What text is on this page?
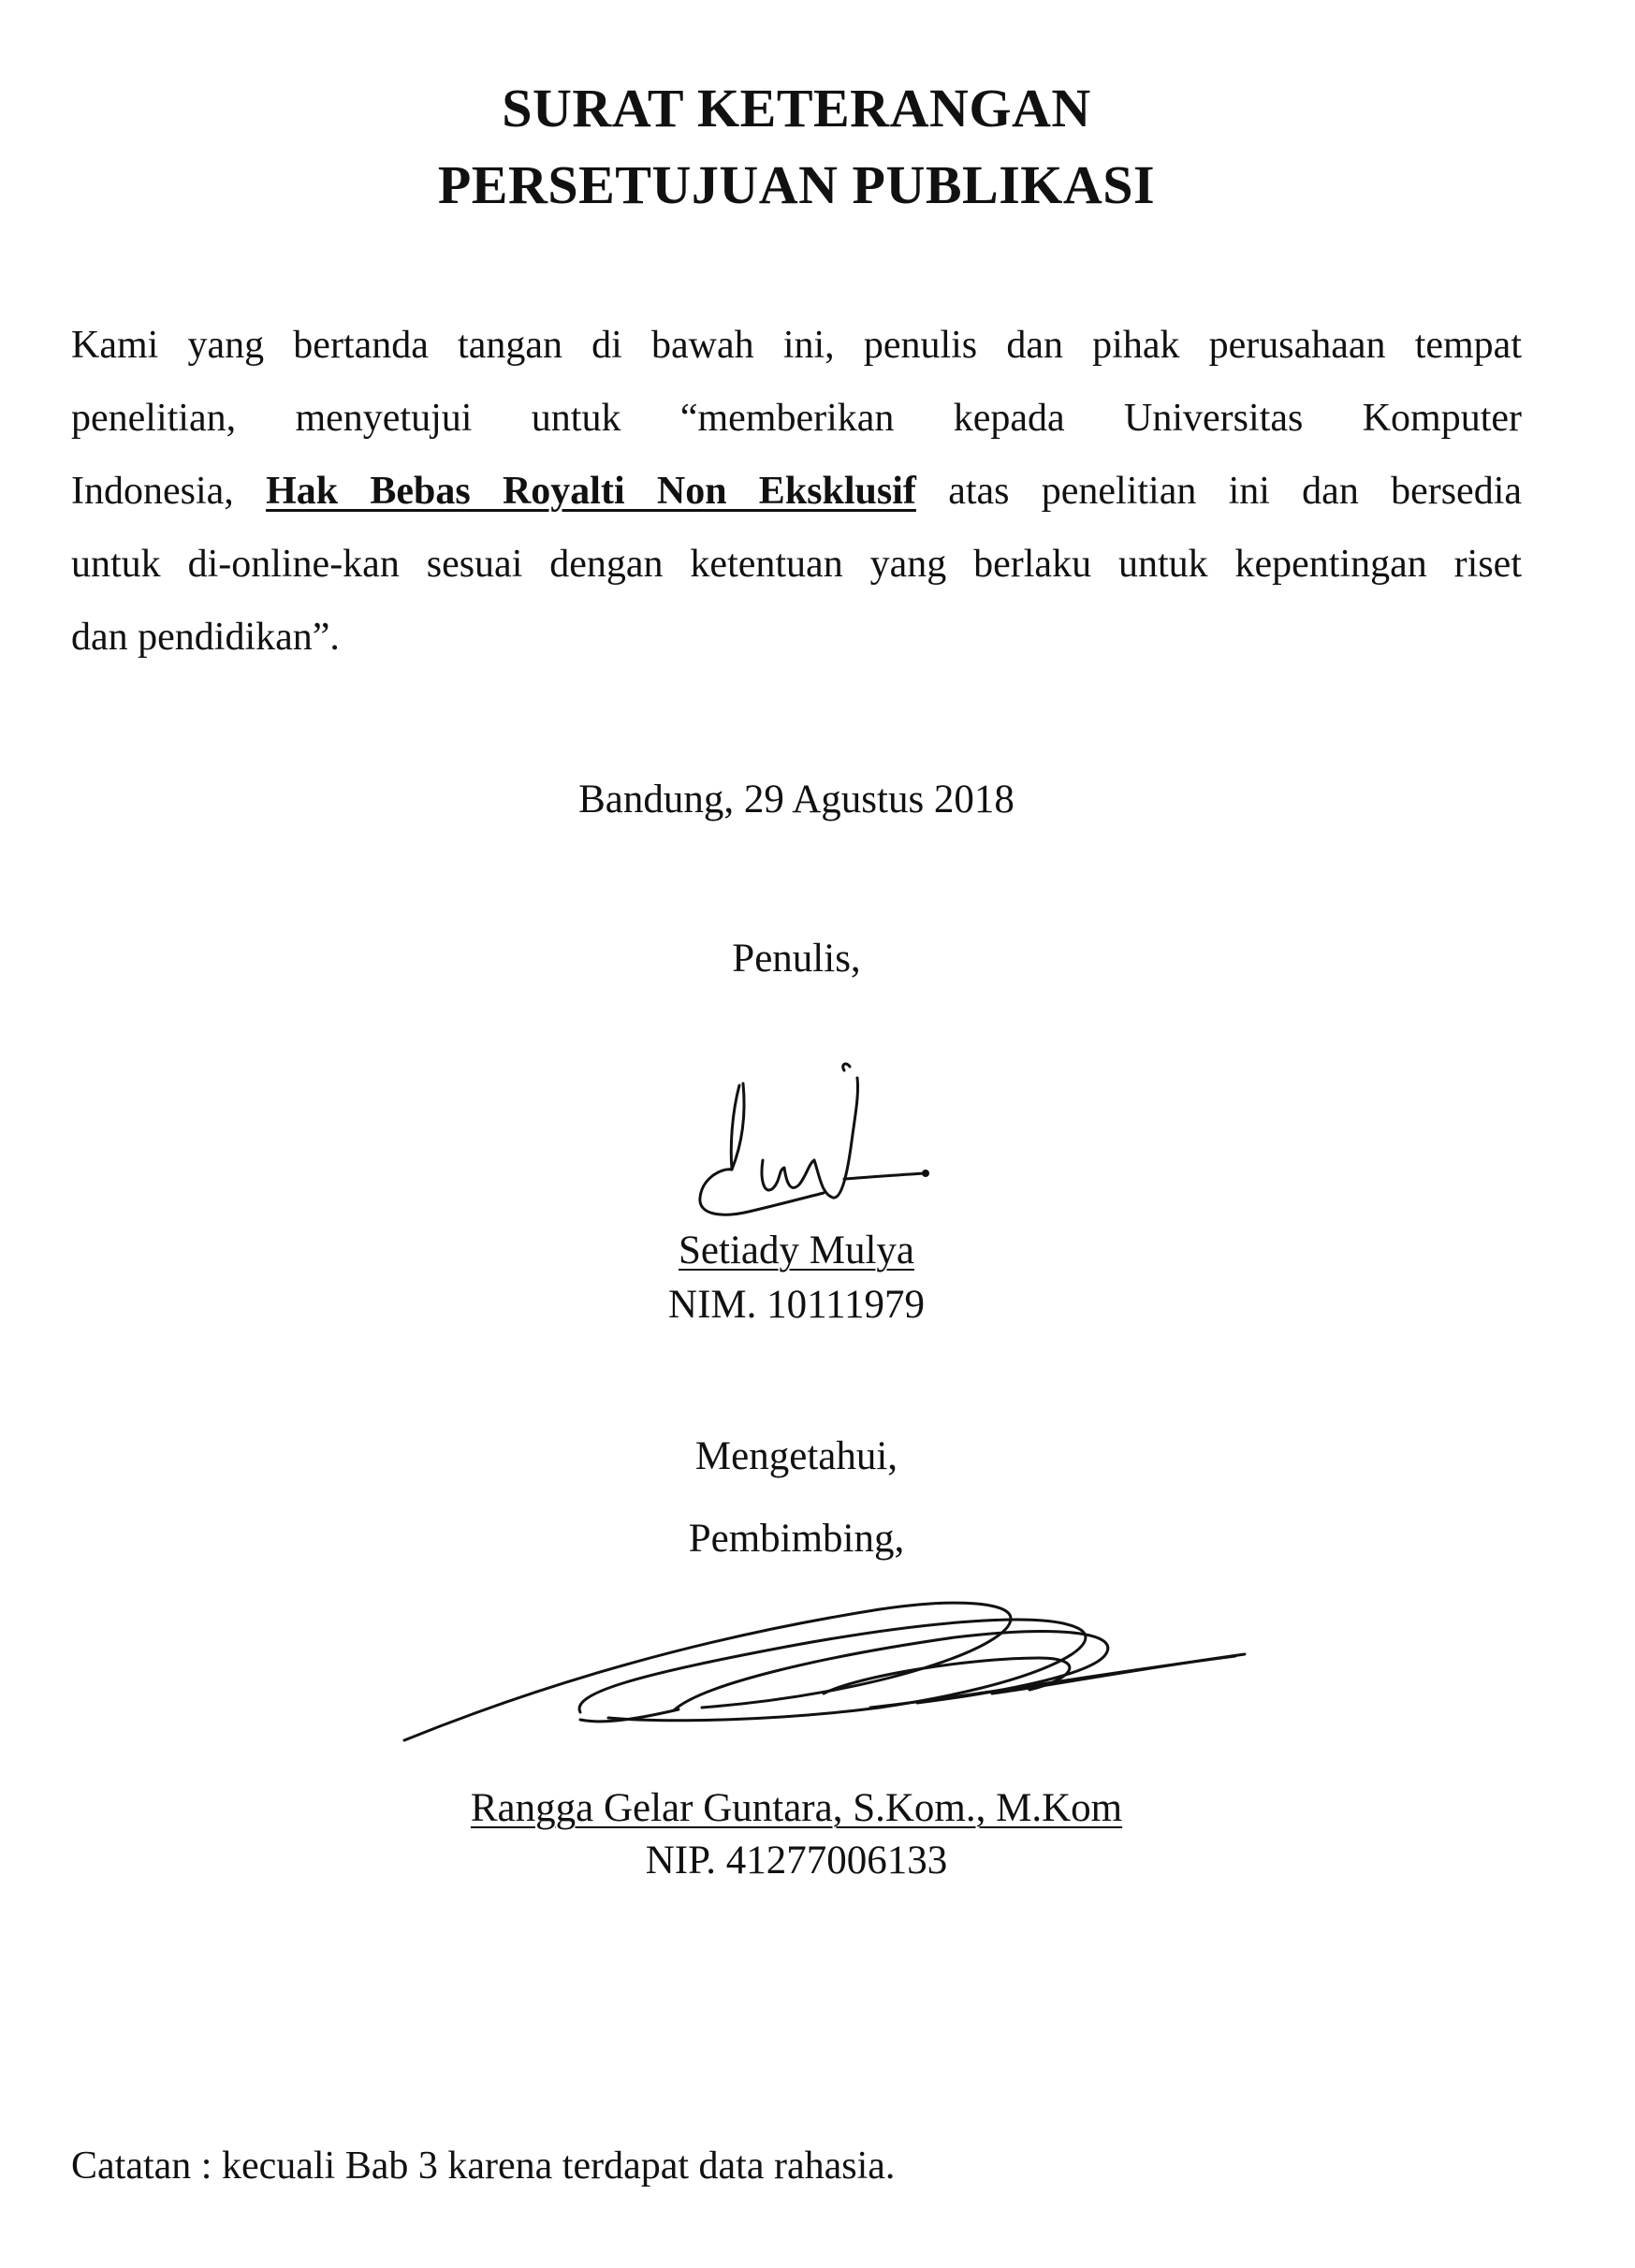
SURAT KETERANGAN
PERSETUJUAN PUBLIKASI
Kami yang bertanda tangan di bawah ini, penulis dan pihak perusahaan tempat
penelitian, menyetujui untuk “memberikan kepada Universitas Komputer
Indonesia, Hak Bebas Royalti Non Eksklusif atas penelitian ini dan bersedia
untuk di-online-kan sesuai dengan ketentuan yang berlaku untuk kepentingan riset
dan pendidikan”.
Bandung, 29 Agustus 2018
Penulis,
Setiady Mulya
NIM. 10111979
Mengetahui,
Pembimbing,
Rangga Gelar Guntara, S.Kom., M.Kom
NIP. 41277006133
Catatan : kecuali Bab 3 karena terdapat data rahasia.
